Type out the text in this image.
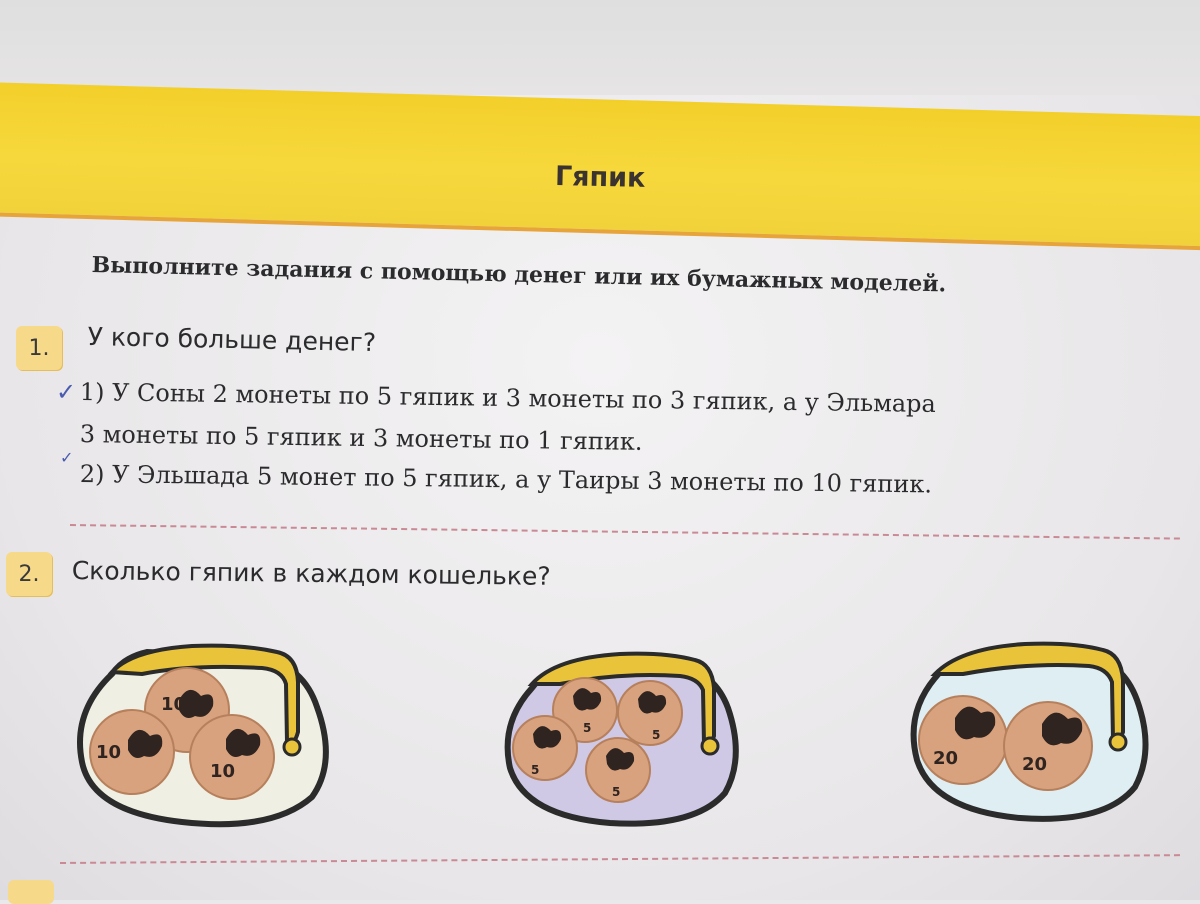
Гяпик
Выполните задания с помощью денег или их бумажных моделей.
1. У кого больше денег?
✓ 1) У Соны 2 монеты по 5 гяпик и 3 монеты по 3 гяпик, а у Эльмара
3 монеты по 5 гяпик и 3 монеты по 1 гяпик.
✓
2) У Эльшада 5 монет по 5 гяпик, а у Таиры 3 монеты по 10 гяпик.
2. Сколько гяпик в каждом кошельке?
10
10
10
5	5
5
5
20	20
